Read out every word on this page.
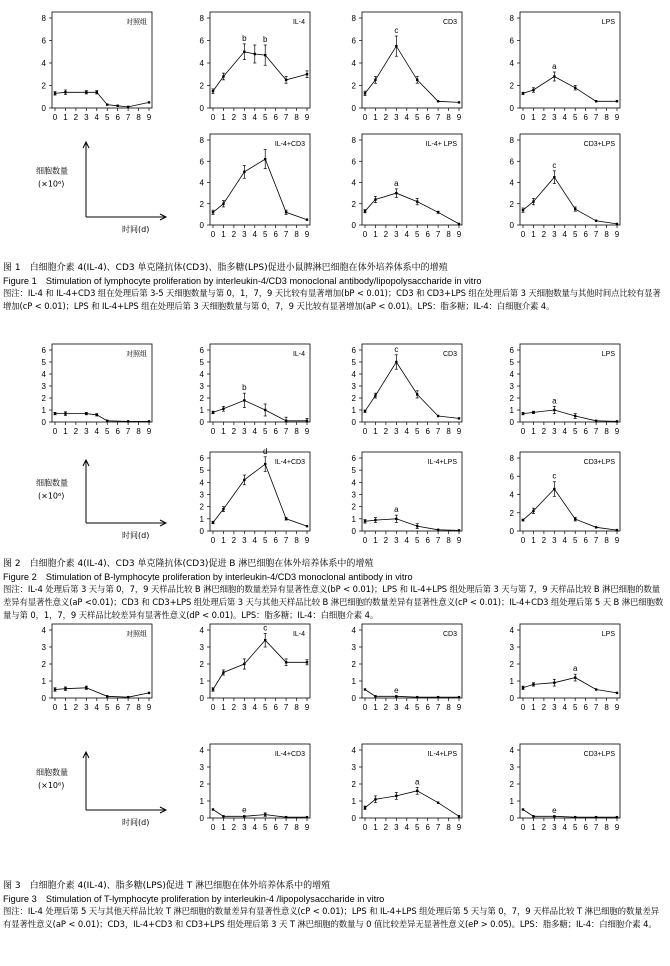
0
2
4
6
8
0 1 2 3 4 5 6 7 8 9
对照组
0
2
4
6
8
0 1 2 3 4 5 6 7 8 9
b b
IL-4
0
2
4
6
8
0 1 2 3 4 5 6 7 8 9
c
CD3
0
2
4
6
8
0 1 2 3 4 5 6 7 8 9
a
LPS
0
2
4
6
8
0 1 2 3 4 5 6 7 8 9
IL-4+CD3
0
2
4
6
8
0 1 2 3 4 5 6 7 8 9
a
IL-4+ LPS
0
2
4
6
8
0 1 2 3 4 5 6 7 8 9
c
CD3+LPS
细胞数量
(×10⁶)
时间(d)
图 1　白细胞介素 4(IL-4)、CD3 单克隆抗体(CD3)、脂多糖(LPS)促进小鼠脾淋巴细胞在体外培养体系中的增殖
Figure 1　Stimulation of lymphocyte proliferation by interleukin-4/CD3 monoclonal antibody/lipopolysaccharide in vitro
图注：IL-4 和 IL-4+CD3 组在处理后第 3-5 天细胞数量与第 0，1，7，9 天比较有显著增加(bP < 0.01)；CD3 和 CD3+LPS 组在处理后第 3 天细胞数量与其他时间点比较有显著增加(cP < 0.01)；LPS 和 IL-4+LPS 组在处理后第 3 天细胞数量与第 0，7，9 天比较有显著增加(aP < 0.01)。LPS：脂多糖；IL-4：白细胞介素 4。
0
1
2
3
4
5
6
0 1 2 3 4 5 6 7 8 9
对照组
0
1
2
3
4
5
6
0 1 2 3 4 5 6 7 8 9
b
IL-4
0
1
2
3
4
5
6
0 1 2 3 4 5 6 7 8 9
c
CD3
0
1
2
3
4
5
6
0 1 2 3 4 5 6 7 8 9
a
LPS
0
1
2
3
4
5
6
0 1 2 3 4 5 6 7 8 9
d
IL-4+CD3
0
1
2
3
4
5
6
0 1 2 3 4 5 6 7 8 9
a
IL-4+LPS
0
2
4
6
8
0 1 2 3 4 5 6 7 8 9
c
CD3+LPS
细胞数量
(×10⁶)
时间(d)
图 2　白细胞介素 4(IL-4)、CD3 单克隆抗体(CD3)促进 B 淋巴细胞在体外培养体系中的增殖
Figure 2　Stimulation of B-lymphocyte proliferation by interleukin-4/CD3 monoclonal antibody in vitro
图注：IL-4 处理后第 3 天与第 0，7，9 天样品比较 B 淋巴细胞的数量差异有显著性意义(bP < 0.01)；LPS 和 IL-4+LPS 组处理后第 3 天与第 7，9 天样品比较 B 淋巴细胞的数量差异有显著性意义(aP <0.01)；CD3 和 CD3+LPS 组处理后第 3 天与其他天样品比较 B 淋巴细胞的数量差异有显著性意义(cP < 0.01)；IL-4+CD3 组处理后第 5 天 B 淋巴细胞数量与第 0，1，7，9 天样品比较差异有显著性意义(dP < 0.01)。LPS：脂多糖；IL-4：白细胞介素 4。
0
1
2
3
4
0 1 2 3 4 5 6 7 8 9
对照组
0
1
2
3
4
0 1 2 3 4 5 6 7 8 9
c
IL-4
0
1
2
3
4
0 1 2 3 4 5 6 7 8 9
e
CD3
0
1
2
3
4
0 1 2 3 4 5 6 7 8 9
a
LPS
0
1
2
3
4
0 1 2 3 4 5 6 7 8 9
e
IL-4+CD3
0
1
2
3
4
0 1 2 3 4 5 6 7 8 9
a
IL-4+LPS
0
1
2
3
4
0 1 2 3 4 5 6 7 8 9
e
CD3+LPS
细胞数量
(×10⁶)
时间(d)
图 3　白细胞介素 4(IL-4)、脂多糖(LPS)促进 T 淋巴细胞在体外培养体系中的增殖
Figure 3　Stimulation of T-lymphocyte proliferation by interleukin-4 /lipopolysaccharide in vitro
图注：IL-4 处理后第 5 天与其他天样品比较 T 淋巴细胞的数量差异有显著性意义(cP < 0.01)；LPS 和 IL-4+LPS 组处理后第 5 天与第 0，7，9 天样品比较 T 淋巴细胞的数量差异有显著性意义(aP < 0.01)；CD3，IL-4+CD3 和 CD3+LPS 组处理后第 3 天 T 淋巴细胞的数量与 0 值比较差异无显著性意义(eP > 0.05)。LPS：脂多糖；IL-4：白细胞介素 4。
